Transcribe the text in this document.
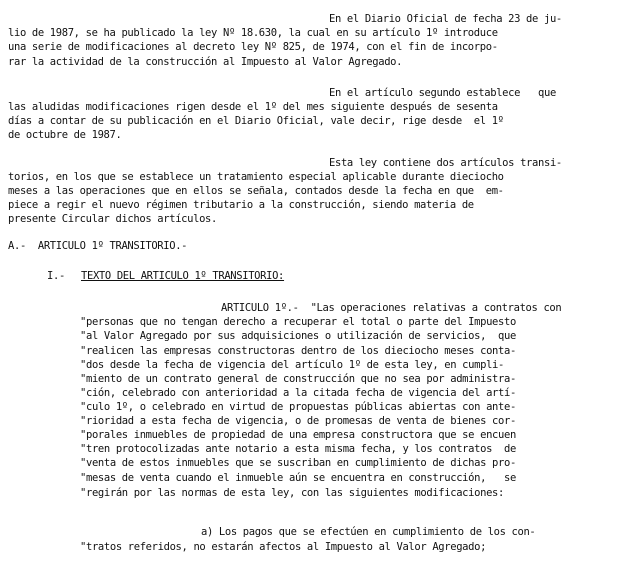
En el Diario Oficial de fecha 23 de ju-
lio de 1987, se ha publicado la ley Nº 18.630, la cual en su artículo 1º introduce
una serie de modificaciones al decreto ley Nº 825, de 1974, con el fin de incorpo-
rar la actividad de la construcción al Impuesto al Valor Agregado.
En el artículo segundo establece   que
las aludidas modificaciones rigen desde el 1º del mes siguiente después de sesenta
días a contar de su publicación en el Diario Oficial, vale decir, rige desde  el 1º
de octubre de 1987.
Esta ley contiene dos artículos transi-
torios, en los que se establece un tratamiento especial aplicable durante dieciocho
meses a las operaciones que en ellos se señala, contados desde la fecha en que  em-
piece a regir el nuevo régimen tributario a la construcción, siendo materia de
presente Circular dichos artículos.
A.-  ARTICULO 1º TRANSITORIO.-
I.- TEXTO DEL ARTICULO 1º TRANSITORIO:
ARTICULO 1º.-  "Las operaciones relativas a contratos con
"personas que no tengan derecho a recuperar el total o parte del Impuesto
"al Valor Agregado por sus adquisiciones o utilización de servicios,  que
"realicen las empresas constructoras dentro de los dieciocho meses conta-
"dos desde la fecha de vigencia del artículo 1º de esta ley, en cumpli-
"miento de un contrato general de construcción que no sea por administra-
"ción, celebrado con anterioridad a la citada fecha de vigencia del artí-
"culo 1º, o celebrado en virtud de propuestas públicas abiertas con ante-
"rioridad a esta fecha de vigencia, o de promesas de venta de bienes cor-
"porales inmuebles de propiedad de una empresa constructora que se encuen
"tren protocolizadas ante notario a esta misma fecha, y los contratos  de
"venta de estos inmuebles que se suscriban en cumplimiento de dichas pro-
"mesas de venta cuando el inmueble aún se encuentra en construcción,   se
"regirán por las normas de esta ley, con las siguientes modificaciones:
a) Los pagos que se efectúen en cumplimiento de los con-
"tratos referidos, no estarán afectos al Impuesto al Valor Agregado;
